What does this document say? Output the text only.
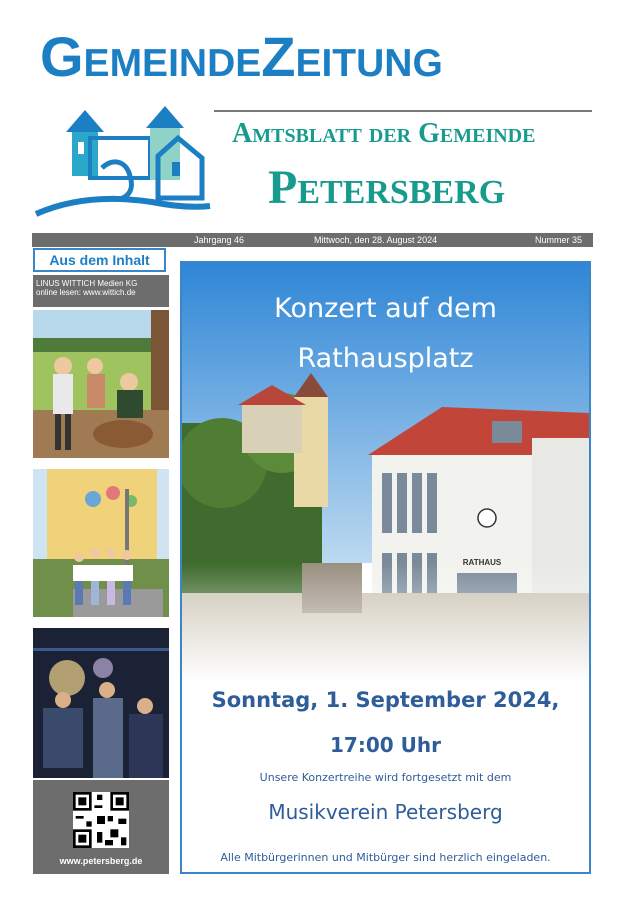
GemeindeZeitung
Amtsblatt der Gemeinde
Petersberg
Jahrgang 46	Mittwoch, den 28. August 2024	Nummer 35
Aus dem Inhalt
LINUS WITTICH Medien KG
online lesen: www.wittich.de
www.petersberg.de
RATHAUS
Konzert auf dem
Rathausplatz
Sonntag, 1. September 2024,
17:00 Uhr
Unsere Konzertreihe wird fortgesetzt mit dem
Musikverein Petersberg
Alle Mitbürgerinnen und Mitbürger sind herzlich eingeladen.
